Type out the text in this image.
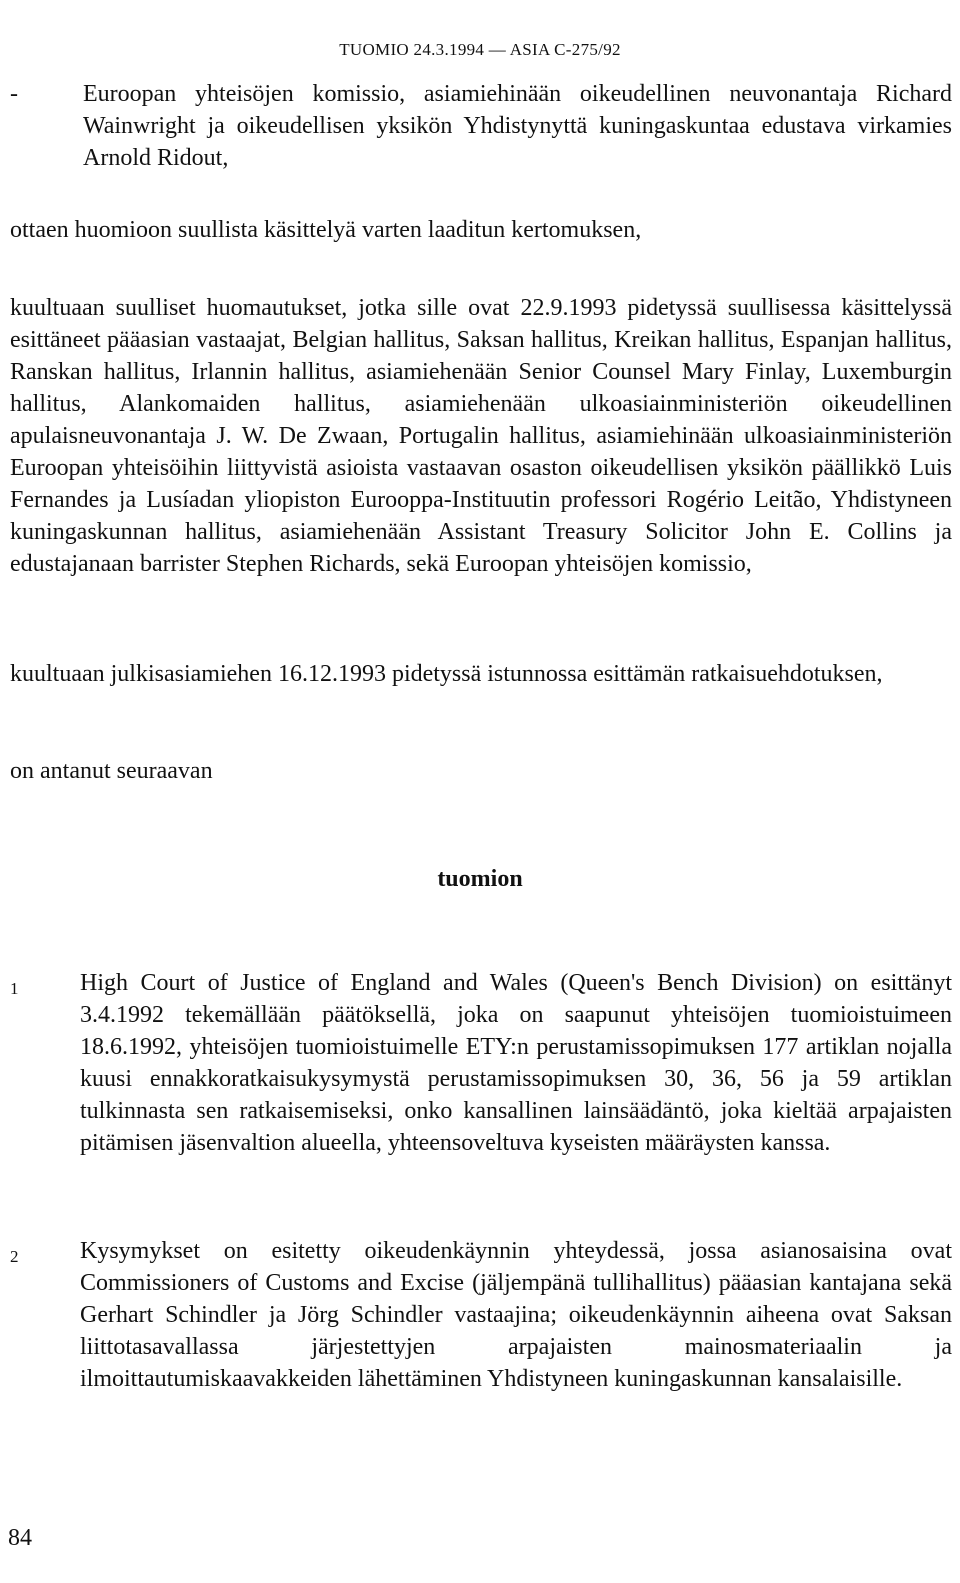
TUOMIO 24.3.1994 — ASIA C-275/92
-	Euroopan yhteisöjen komissio, asiamiehinään oikeudellinen neuvonantaja Richard Wainwright ja oikeudellisen yksikön Yhdistynyttä kuningaskuntaa edustava virkamies Arnold Ridout,
ottaen huomioon suullista käsittelyä varten laaditun kertomuksen,
kuultuaan suulliset huomautukset, jotka sille ovat 22.9.1993 pidetyssä suullisessa käsittelyssä esittäneet pääasian vastaajat, Belgian hallitus, Saksan hallitus, Kreikan hallitus, Espanjan hallitus, Ranskan hallitus, Irlannin hallitus, asiamiehenään Senior Counsel Mary Finlay, Luxemburgin hallitus, Alankomaiden hallitus, asiamiehenään ulkoasiainministeriön oikeudellinen apulaisneuvonantaja J. W. De Zwaan, Portugalin hallitus, asiamiehinään ulkoasiainministeriön Euroopan yhteisöihin liittyvistä asioista vastaavan osaston oikeudellisen yksikön päällikkö Luis Fernandes ja Lusíadan yliopiston Eurooppa-Instituutin professori Rogério Leitão, Yhdistyneen kuningaskunnan hallitus, asiamiehenään Assistant Treasury Solicitor John E. Collins ja edustajanaan barrister Stephen Richards, sekä Euroopan yhteisöjen komissio,
kuultuaan julkisasiamiehen 16.12.1993 pidetyssä istunnossa esittämän ratkaisuehdotuksen,
on antanut seuraavan
tuomion
1	High Court of Justice of England and Wales (Queen's Bench Division) on esittänyt 3.4.1992 tekemällään päätöksellä, joka on saapunut yhteisöjen tuomioistuimeen 18.6.1992, yhteisöjen tuomioistuimelle ETY:n perustamissopimuksen 177 artiklan nojalla kuusi ennakkoratkaisukysymystä perustamissopimuksen 30, 36, 56 ja 59 artiklan tulkinnasta sen ratkaisemiseksi, onko kansallinen lainsäädäntö, joka kieltää arpajaisten pitämisen jäsenvaltion alueella, yhteensoveltuva kyseisten määräysten kanssa.
2	Kysymykset on esitetty oikeudenkäynnin yhteydessä, jossa asianosaisina ovat Commissioners of Customs and Excise (jäljempänä tullihallitus) pääasian kantajana sekä Gerhart Schindler ja Jörg Schindler vastaajina; oikeudenkäynnin aiheena ovat Saksan liittotasavallassa järjestettyjen arpajaisten mainosmateriaalin ja ilmoittautumiskaavakkeiden lähettäminen Yhdistyneen kuningaskunnan kansalaisille.
84
